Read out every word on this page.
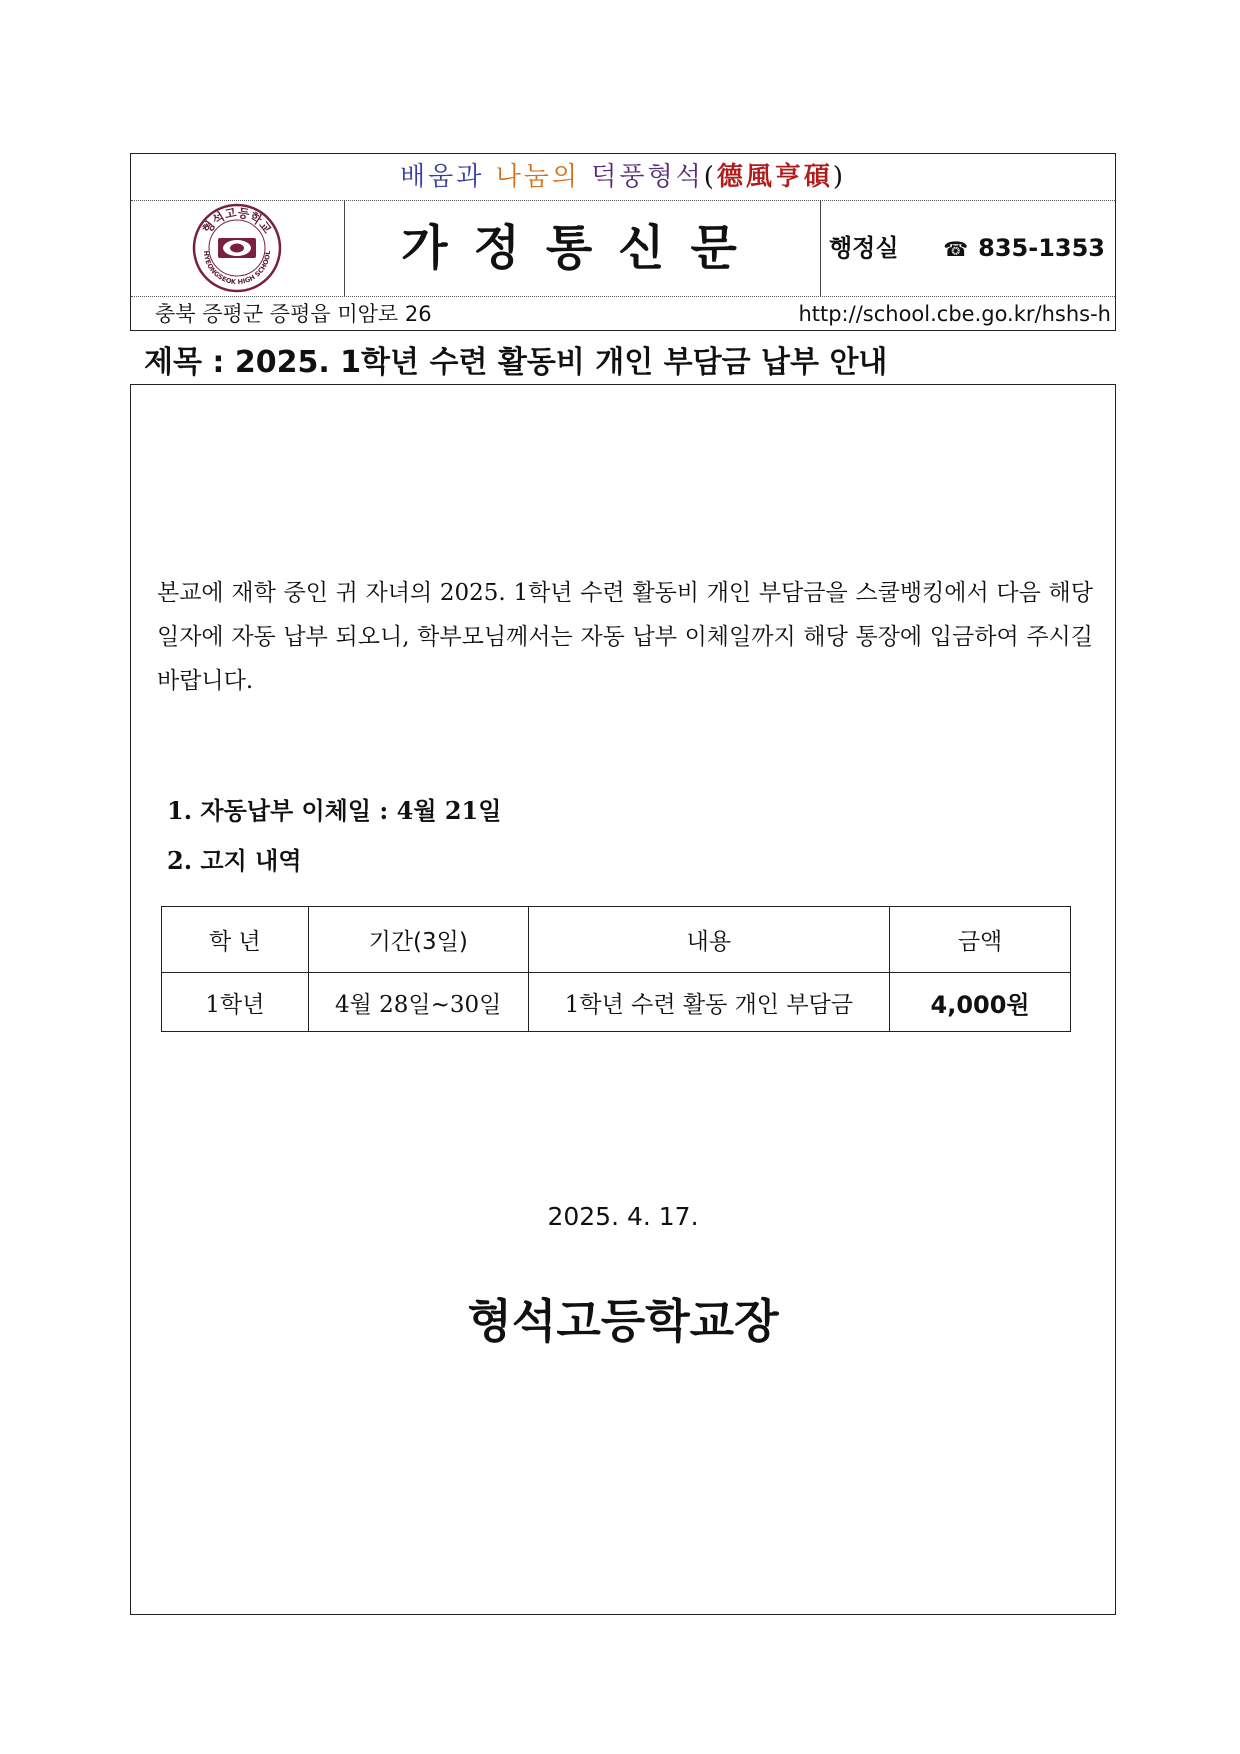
배움과 나눔의 덕풍형석(德風亨碩)
형석고등학교
HYEONGSEOK HIGH SCHOOL	가정통신문	행정실 ☎ 835-1353
충북 증평군 증평읍 미암로 26	http://school.cbe.go.kr/hshs-h
제목 : 2025. 1학년 수련 활동비 개인 부담금 납부 안내
본교에 재학 중인 귀 자녀의 2025. 1학년 수련 활동비 개인 부담금을 스쿨뱅킹에서 다음 해당 일자에 자동 납부 되오니, 학부모님께서는 자동 납부 이체일까지 해당 통장에 입금하여 주시길 바랍니다.
1. 자동납부 이체일 : 4월 21일
2. 고지 내역
학 년	기간(3일)	내용	금액
1학년	4월 28일~30일	1학년 수련 활동 개인 부담금	4,000원
2025. 4. 17.
형석고등학교장
